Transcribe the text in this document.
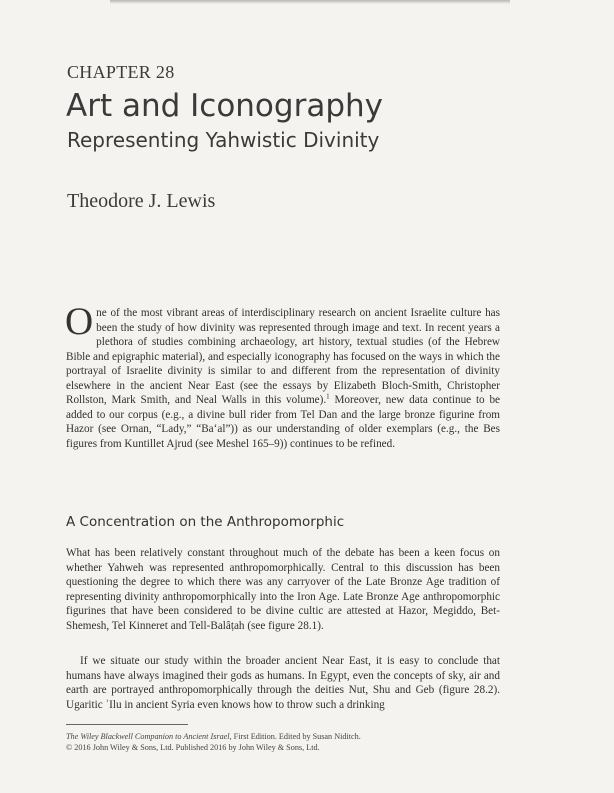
CHAPTER 28
Art and Iconography
Representing Yahwistic Divinity
Theodore J. Lewis
One of the most vibrant areas of interdisciplinary research on ancient Israelite culture has been the study of how divinity was represented through image and text. In recent years a plethora of studies combining archaeology, art history, textual studies (of the Hebrew Bible and epigraphic material), and especially iconography has focused on the ways in which the portrayal of Israelite divinity is similar to and different from the representation of divinity elsewhere in the ancient Near East (see the essays by Elizabeth Bloch-Smith, Christopher Rollston, Mark Smith, and Neal Walls in this volume).$^1$ Moreover, new data continue to be added to our corpus (e.g., a divine bull rider from Tel Dan and the large bronze figurine from Hazor (see Ornan, “Lady,” “Ba‘al”)) as our understanding of older exemplars (e.g., the Bes figures from Kuntillet Ajrud (see Meshel 165–9)) continues to be refined.
A Concentration on the Anthropomorphic
What has been relatively constant throughout much of the debate has been a keen focus on whether Yahweh was represented anthropomorphically. Central to this discussion has been questioning the degree to which there was any carryover of the Late Bronze Age tradition of representing divinity anthropomorphically into the Iron Age. Late Bronze Age anthropomorphic figurines that have been considered to be divine cultic are attested at Hazor, Megiddo, Bet-Shemesh, Tel Kinneret and Tell-Balâṭah (see figure 28.1).
If we situate our study within the broader ancient Near East, it is easy to conclude that humans have always imagined their gods as humans. In Egypt, even the concepts of sky, air and earth are portrayed anthropomorphically through the deities Nut, Shu and Geb (figure 28.2). Ugaritic ʾIlu in ancient Syria even knows how to throw such a drinking
The Wiley Blackwell Companion to Ancient Israel, First Edition. Edited by Susan Niditch.
© 2016 John Wiley & Sons, Ltd. Published 2016 by John Wiley & Sons, Ltd.
